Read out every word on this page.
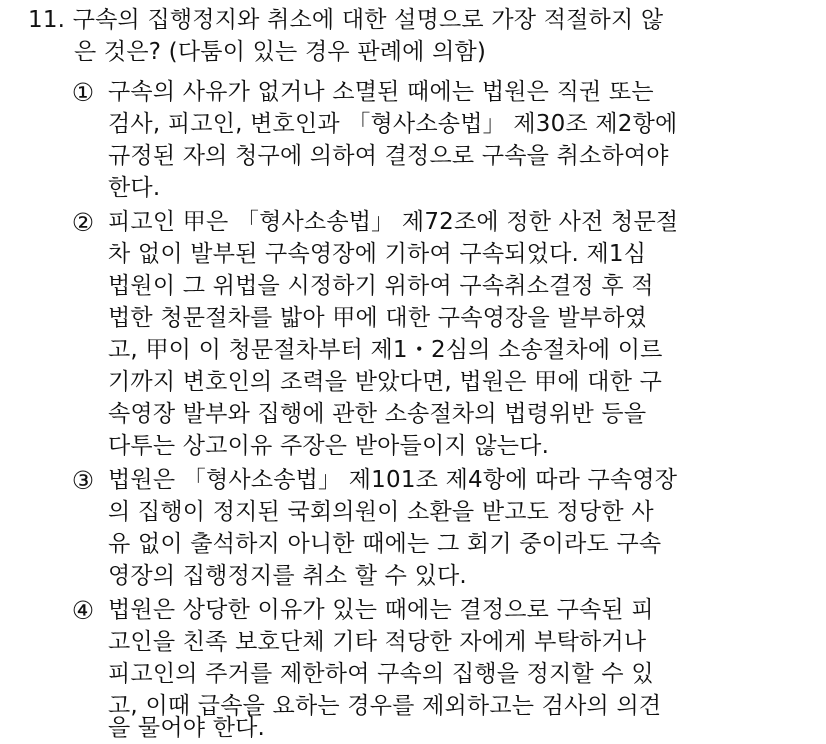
11. 구속의 집행정지와 취소에 대한 설명으로 가장 적절하지 않
은 것은? (다툼이 있는 경우 판례에 의함)
① 구속의 사유가 없거나 소멸된 때에는 법원은 직권 또는
검사, 피고인, 변호인과 「형사소송법」 제30조 제2항에
규정된 자의 청구에 의하여 결정으로 구속을 취소하여야
한다.
② 피고인 甲은 「형사소송법」 제72조에 정한 사전 청문절
차 없이 발부된 구속영장에 기하여 구속되었다. 제1심
법원이 그 위법을 시정하기 위하여 구속취소결정 후 적
법한 청문절차를 밟아 甲에 대한 구속영장을 발부하였
고, 甲이 이 청문절차부터 제1・2심의 소송절차에 이르
기까지 변호인의 조력을 받았다면, 법원은 甲에 대한 구
속영장 발부와 집행에 관한 소송절차의 법령위반 등을
다투는 상고이유 주장은 받아들이지 않는다.
③ 법원은 「형사소송법」 제101조 제4항에 따라 구속영장
의 집행이 정지된 국회의원이 소환을 받고도 정당한 사
유 없이 출석하지 아니한 때에는 그 회기 중이라도 구속
영장의 집행정지를 취소 할 수 있다.
④ 법원은 상당한 이유가 있는 때에는 결정으로 구속된 피
고인을 친족 보호단체 기타 적당한 자에게 부탁하거나
피고인의 주거를 제한하여 구속의 집행을 정지할 수 있
고, 이때 급속을 요하는 경우를 제외하고는 검사의 의견
을 물어야 한다.
